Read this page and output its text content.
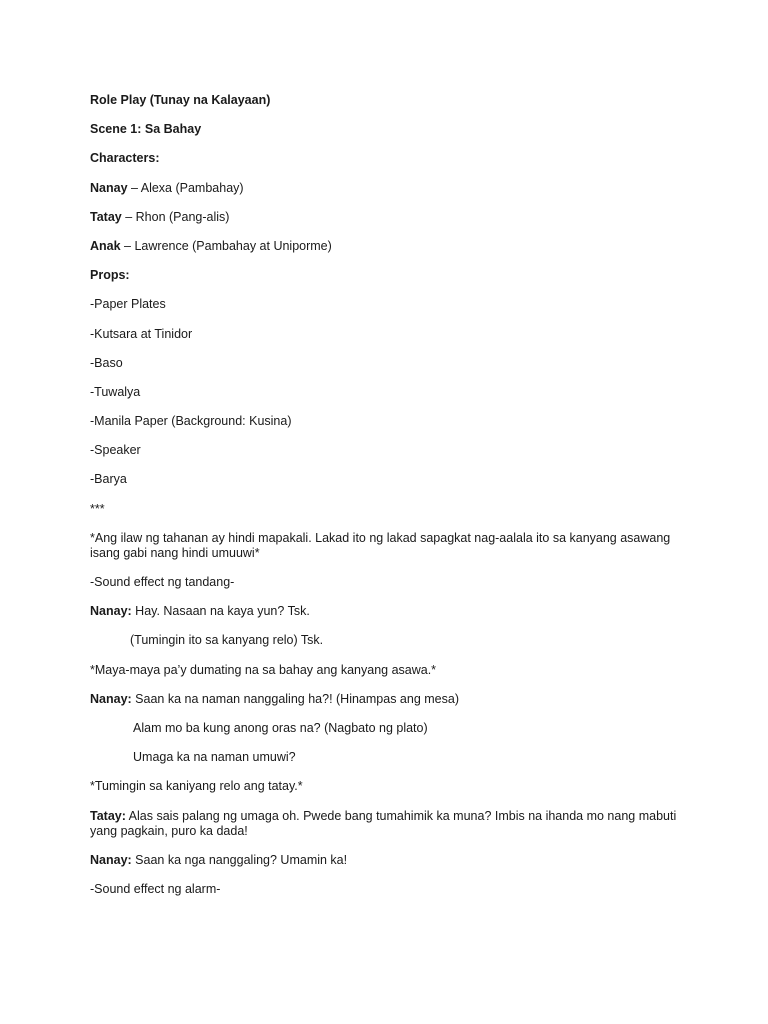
Role Play (Tunay na Kalayaan)
Scene 1: Sa Bahay
Characters:
Nanay – Alexa (Pambahay)
Tatay – Rhon (Pang-alis)
Anak – Lawrence (Pambahay at Uniporme)
Props:
-Paper Plates
-Kutsara at Tinidor
-Baso
-Tuwalya
-Manila Paper (Background: Kusina)
-Speaker
-Barya
***
*Ang ilaw ng tahanan ay hindi mapakali. Lakad ito ng lakad sapagkat nag-aalala ito sa kanyang asawang isang gabi nang hindi umuuwi*
-Sound effect ng tandang-
Nanay: Hay. Nasaan na kaya yun? Tsk.
(Tumingin ito sa kanyang relo) Tsk.
*Maya-maya pa’y dumating na sa bahay ang kanyang asawa.*
Nanay: Saan ka na naman nanggaling ha?! (Hinampas ang mesa)
Alam mo ba kung anong oras na? (Nagbato ng plato)
Umaga ka na naman umuwi?
*Tumingin sa kaniyang relo ang tatay.*
Tatay: Alas sais palang ng umaga oh. Pwede bang tumahimik ka muna? Imbis na ihanda mo nang mabuti yang pagkain, puro ka dada!
Nanay: Saan ka nga nanggaling? Umamin ka!
-Sound effect ng alarm-
